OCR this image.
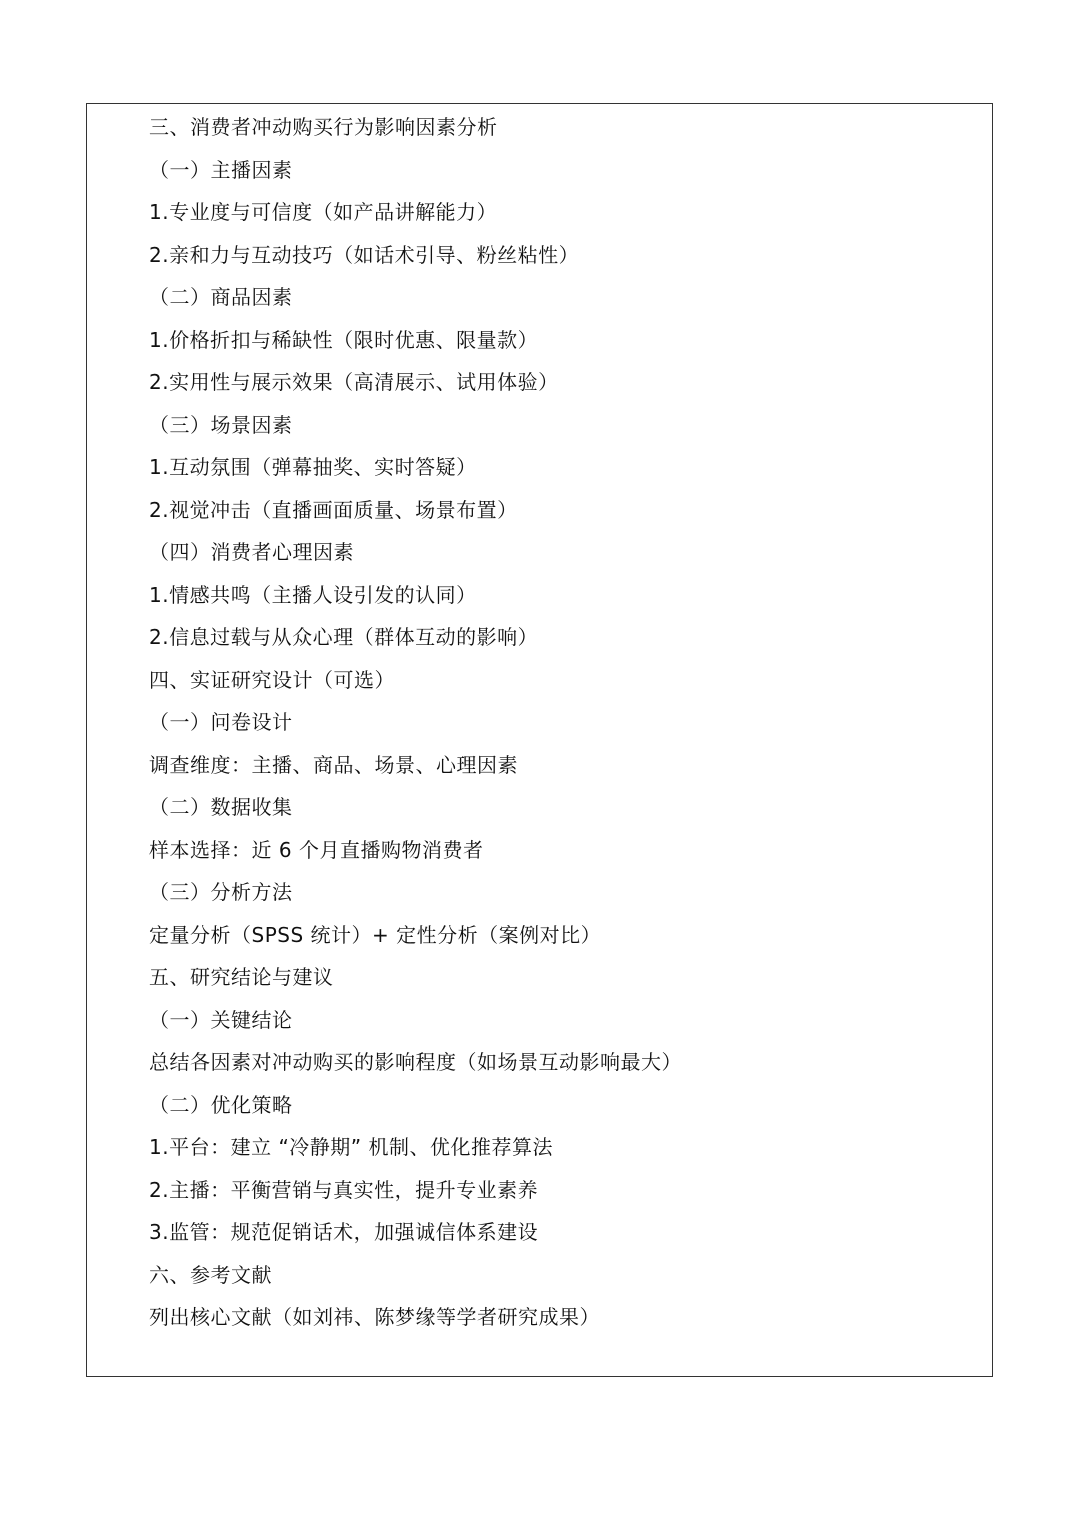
三、消费者冲动购买行为影响因素分析
（一）主播因素
1.专业度与可信度（如产品讲解能力）
2.亲和力与互动技巧（如话术引导、粉丝粘性）
（二）商品因素
1.价格折扣与稀缺性（限时优惠、限量款）
2.实用性与展示效果（高清展示、试用体验）
（三）场景因素
1.互动氛围（弹幕抽奖、实时答疑）
2.视觉冲击（直播画面质量、场景布置）
（四）消费者心理因素
1.情感共鸣（主播人设引发的认同）
2.信息过载与从众心理（群体互动的影响）
四、实证研究设计（可选）
（一）问卷设计
调查维度：主播、商品、场景、心理因素
（二）数据收集
样本选择：近 6 个月直播购物消费者
（三）分析方法
定量分析（SPSS 统计）+ 定性分析（案例对比）
五、研究结论与建议
（一）关键结论
总结各因素对冲动购买的影响程度（如场景互动影响最大）
（二）优化策略
1.平台：建立 “冷静期” 机制、优化推荐算法
2.主播：平衡营销与真实性，提升专业素养
3.监管：规范促销话术，加强诚信体系建设
六、参考文献
列出核心文献（如刘祎、陈梦缘等学者研究成果）
